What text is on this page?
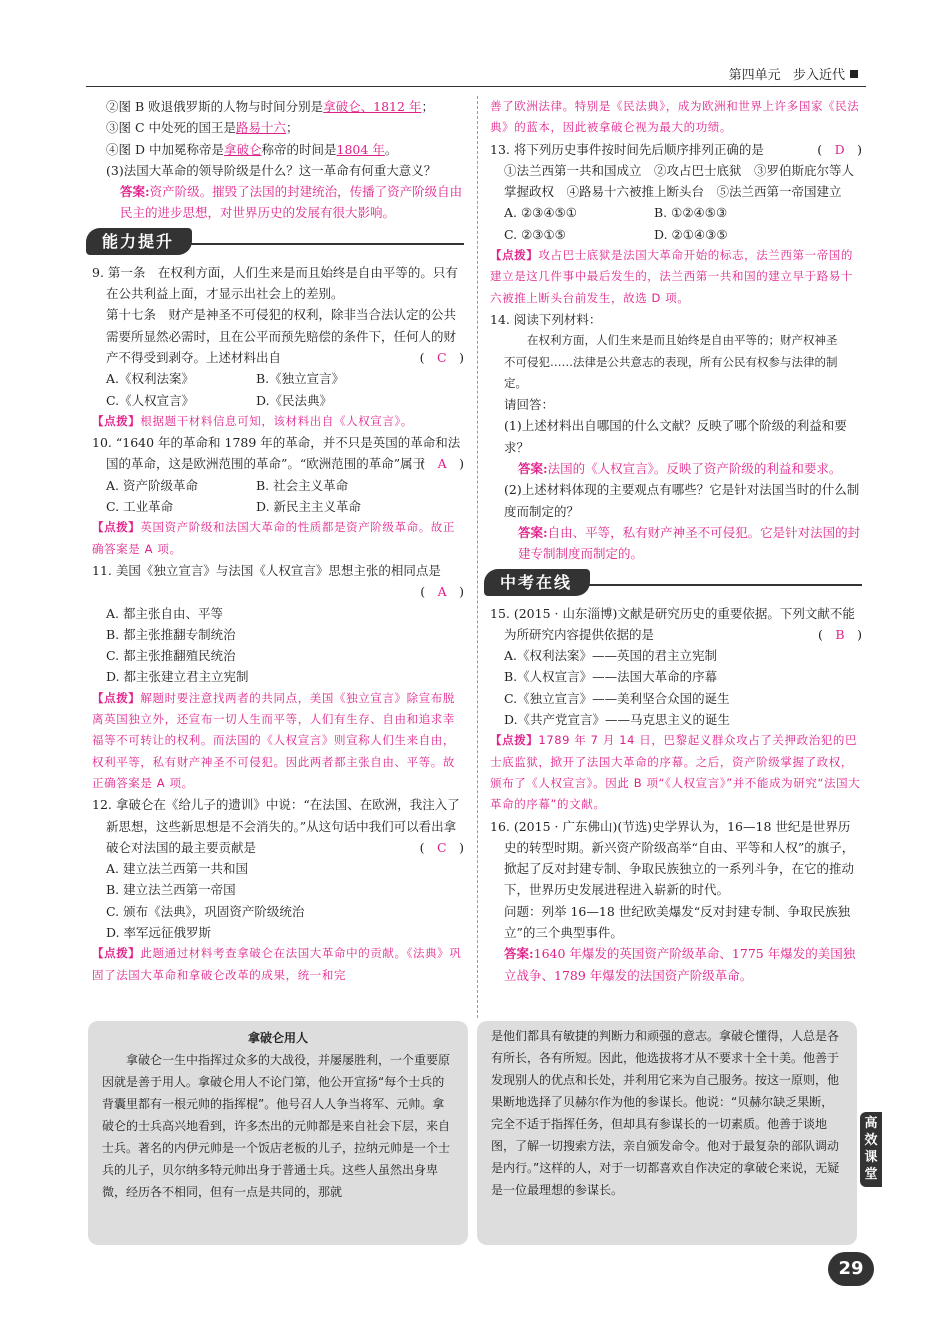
第四单元 步入近代

②图 B 败退俄罗斯的人物与时间分别是拿破仑、1812 年；

③图 C 中处死的国王是路易十六；

④图 D 中加冕称帝是拿破仑称帝的时间是1804 年。

(3)法国大革命的领导阶级是什么？这一革命有何重大意义？

答案:资产阶级。摧毁了法国的封建统治，传播了资产阶级自由民主的进步思想，对世界历史的发展有很大影响。

能力提升

9. 第一条　在权利方面，人们生来是而且始终是自由平等的。只有在公共利益上面，才显示出社会上的差别。

第十七条　财产是神圣不可侵犯的权利，除非当合法认定的公共需要所显然必需时，且在公平而预先赔偿的条件下，任何人的财产不得受到剥夺。上述材料出自	(　C　)

A.《权利法案》	B.《独立宣言》
C.《人权宣言》	D.《民法典》

【点拨】根据题干材料信息可知，该材料出自《人权宣言》。

10. “1640 年的革命和 1789 年的革命，并不只是英国的革命和法国的革命，这是欧洲范围的革命”。“欧洲范围的革命”属于
(　A　)

A. 资产阶级革命	B. 社会主义革命
C. 工业革命	D. 新民主主义革命

【点拨】英国资产阶级和法国大革命的性质都是资产阶级革命。故正确答案是 A 项。

11. 美国《独立宣言》与法国《人权宣言》思想主张的相同点是

(　A　)

A. 都主张自由、平等

B. 都主张推翻专制统治

C. 都主张推翻殖民统治

D. 都主张建立君主立宪制

【点拨】解题时要注意找两者的共同点，美国《独立宣言》除宣布脱离英国独立外，还宣布一切人生而平等，人们有生存、自由和追求幸福等不可转让的权利。而法国的《人权宣言》则宣称人们生来自由，权利平等，私有财产神圣不可侵犯。因此两者都主张自由、平等。故正确答案是 A 项。

12. 拿破仑在《给儿子的遗训》中说：“在法国、在欧洲，我注入了新思想，这些新思想是不会消失的。”从这句话中我们可以看出拿破仑对法国的最主要贡献是	(　C　)

A. 建立法兰西第一共和国

B. 建立法兰西第一帝国

C. 颁布《法典》，巩固资产阶级统治

D. 率军远征俄罗斯

【点拨】此题通过材料考查拿破仑在法国大革命中的贡献。《法典》巩固了法国大革命和拿破仑改革的成果，统一和完

善了欧洲法律。特别是《民法典》，成为欧洲和世界上许多国家《民法典》的蓝本，因此被拿破仑视为最大的功绩。

13. 将下列历史事件按时间先后顺序排列正确的是	(　D　)

①法兰西第一共和国成立　②攻占巴士底狱　③罗伯斯庇尔等人掌握政权　④路易十六被推上断头台　⑤法兰西第一帝国建立

A. ②③④⑤①	B. ①②④⑤③
C. ②③①⑤	D. ②①④③⑤

【点拨】攻占巴士底狱是法国大革命开始的标志，法兰西第一帝国的建立是这几件事中最后发生的，法兰西第一共和国的建立早于路易十六被推上断头台前发生，故选 D 项。

14. 阅读下列材料：

在权利方面，人们生来是而且始终是自由平等的；财产权神圣不可侵犯……法律是公共意志的表现，所有公民有权参与法律的制定。

请回答：

(1)上述材料出自哪国的什么文献？反映了哪个阶级的利益和要求？

答案:法国的《人权宣言》。反映了资产阶级的利益和要求。

(2)上述材料体现的主要观点有哪些？它是针对法国当时的什么制度而制定的？

答案:自由、平等，私有财产神圣不可侵犯。它是针对法国的封建专制制度而制定的。

中考在线

15. (2015 · 山东淄博)文献是研究历史的重要依据。下列文献不能为所研究内容提供依据的是	(　B　)

A.《权利法案》——英国的君主立宪制

B.《人权宣言》——法国大革命的序幕

C.《独立宣言》——美利坚合众国的诞生

D.《共产党宣言》——马克思主义的诞生

【点拨】1789 年 7 月 14 日，巴黎起义群众攻占了关押政治犯的巴士底监狱，掀开了法国大革命的序幕。之后，资产阶级掌握了政权，颁布了《人权宣言》。因此 B 项“《人权宣言》”并不能成为研究“法国大革命的序幕”的文献。

16. (2015 · 广东佛山)(节选)史学界认为，16—18 世纪是世界历史的转型时期。新兴资产阶级高举“自由、平等和人权”的旗子，掀起了反对封建专制、争取民族独立的一系列斗争，在它的推动下，世界历史发展进程进入崭新的时代。

问题：列举 16—18 世纪欧美爆发“反对封建专制、争取民族独立”的三个典型事件。

答案:1640 年爆发的英国资产阶级革命、1775 年爆发的美国独立战争、1789 年爆发的法国资产阶级革命。

拿破仑用人
拿破仑一生中指挥过众多的大战役，并屡屡胜利，一个重要原因就是善于用人。拿破仑用人不论门第，他公开宣扬“每个士兵的背囊里都有一根元帅的指挥棍”。他号召人人争当将军、元帅。拿破仑的士兵高兴地看到，许多杰出的元帅都是来自社会下层，来自士兵。著名的内伊元帅是一个饭店老板的儿子，拉纳元帅是一个士兵的儿子，贝尔纳多特元帅出身于普通士兵。这些人虽然出身卑微，经历各不相同，但有一点是共同的，那就
是他们都具有敏捷的判断力和顽强的意志。拿破仑懂得，人总是各有所长，各有所短。因此，他选拔将才从不要求十全十美。他善于发现别人的优点和长处，并利用它来为自己服务。按这一原则，他果断地选择了贝赫尔作为他的参谋长。他说：“贝赫尔缺乏果断，完全不适于指挥任务，但却具有参谋长的一切素质。他善于谈地图，了解一切搜索方法，亲自颁发命令。他对于最复杂的部队调动是内行。”这样的人，对于一切都喜欢自作决定的拿破仑来说，无疑是一位最理想的参谋长。
高
效
课
堂
29
